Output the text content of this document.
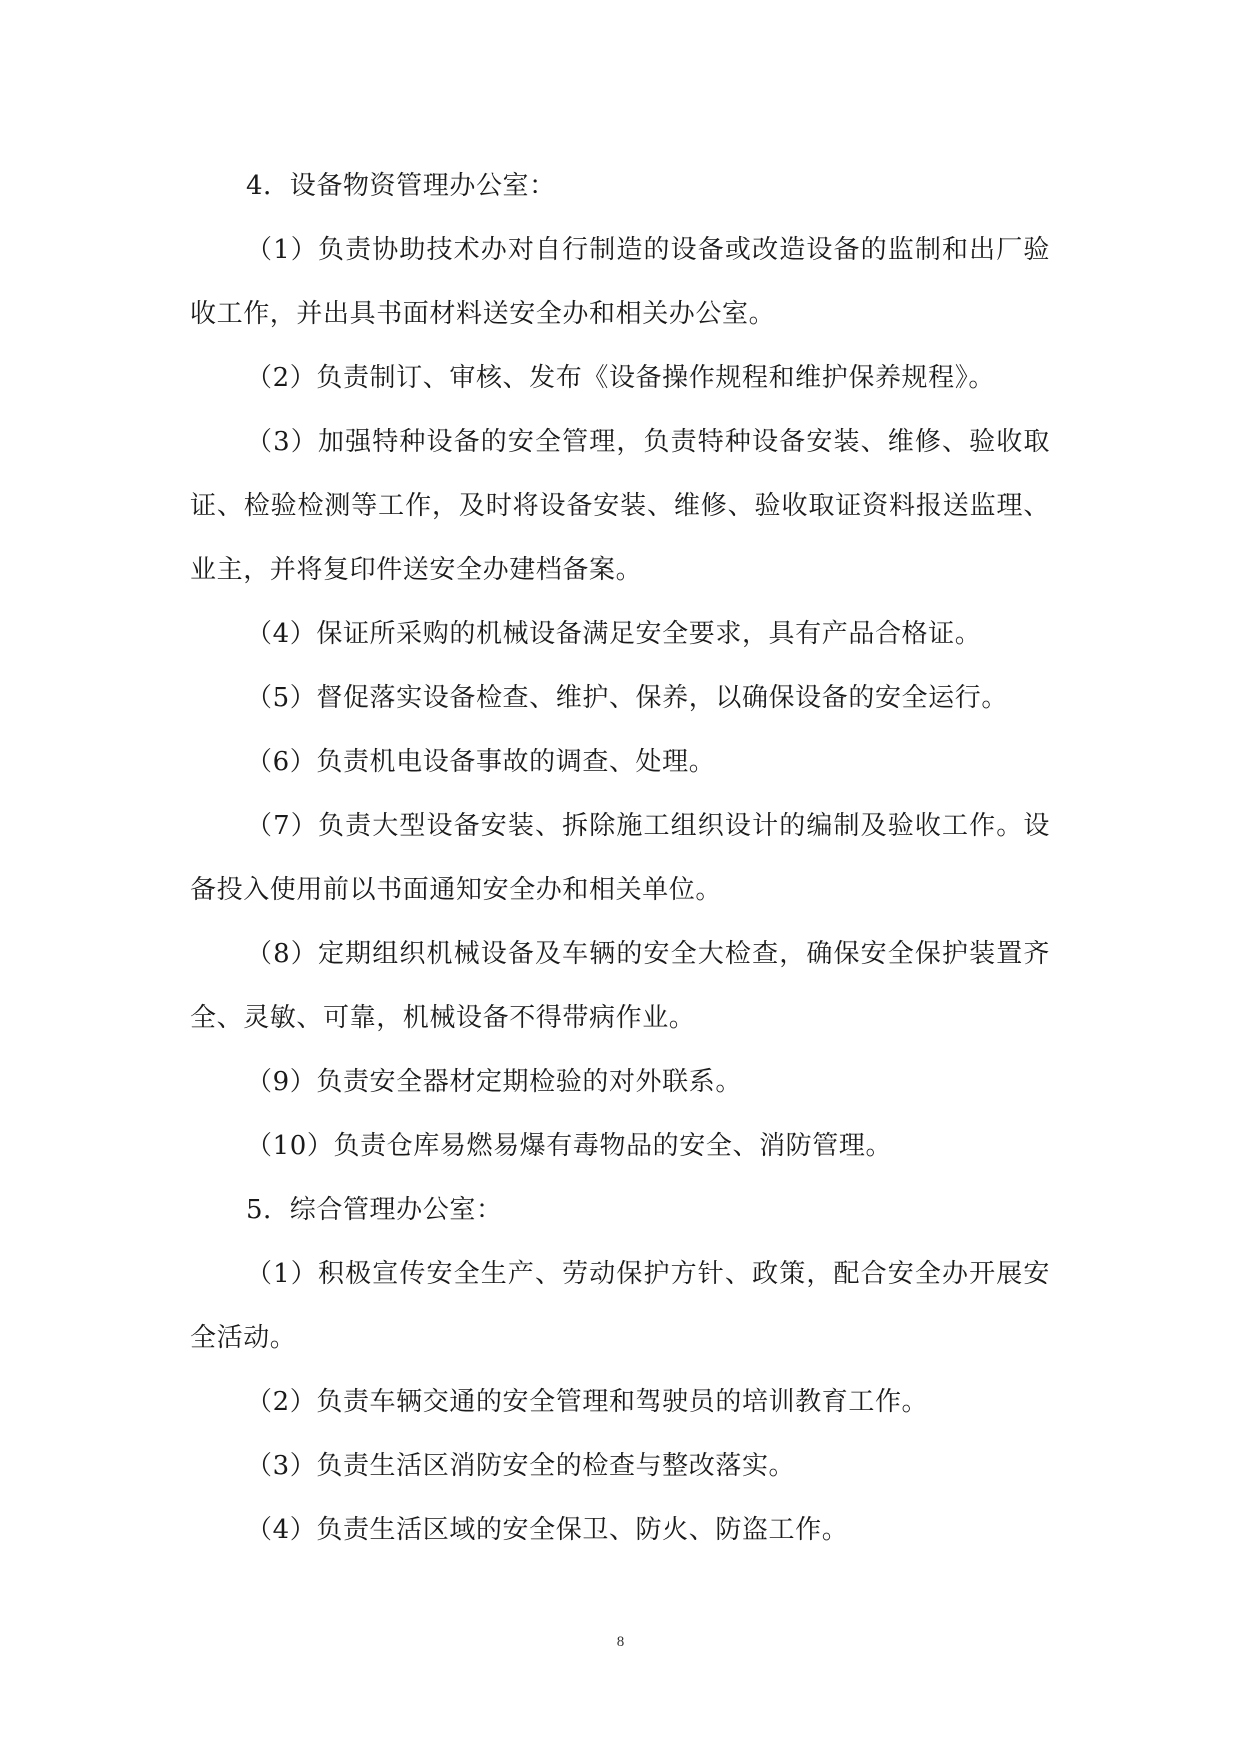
4．设备物资管理办公室：

（1）负责协助技术办对自行制造的设备或改造设备的监制和出厂验收工作，并出具书面材料送安全办和相关办公室。

（2）负责制订、审核、发布《设备操作规程和维护保养规程》。

（3）加强特种设备的安全管理，负责特种设备安装、维修、验收取证、检验检测等工作，及时将设备安装、维修、验收取证资料报送监理、业主，并将复印件送安全办建档备案。

（4）保证所采购的机械设备满足安全要求，具有产品合格证。

（5）督促落实设备检查、维护、保养，以确保设备的安全运行。

（6）负责机电设备事故的调查、处理。

（7）负责大型设备安装、拆除施工组织设计的编制及验收工作。设备投入使用前以书面通知安全办和相关单位。

（8）定期组织机械设备及车辆的安全大检查，确保安全保护装置齐全、灵敏、可靠，机械设备不得带病作业。

（9）负责安全器材定期检验的对外联系。

（10）负责仓库易燃易爆有毒物品的安全、消防管理。

5．综合管理办公室：

（1）积极宣传安全生产、劳动保护方针、政策，配合安全办开展安全活动。

（2）负责车辆交通的安全管理和驾驶员的培训教育工作。

（3）负责生活区消防安全的检查与整改落实。

（4）负责生活区域的安全保卫、防火、防盗工作。

8
